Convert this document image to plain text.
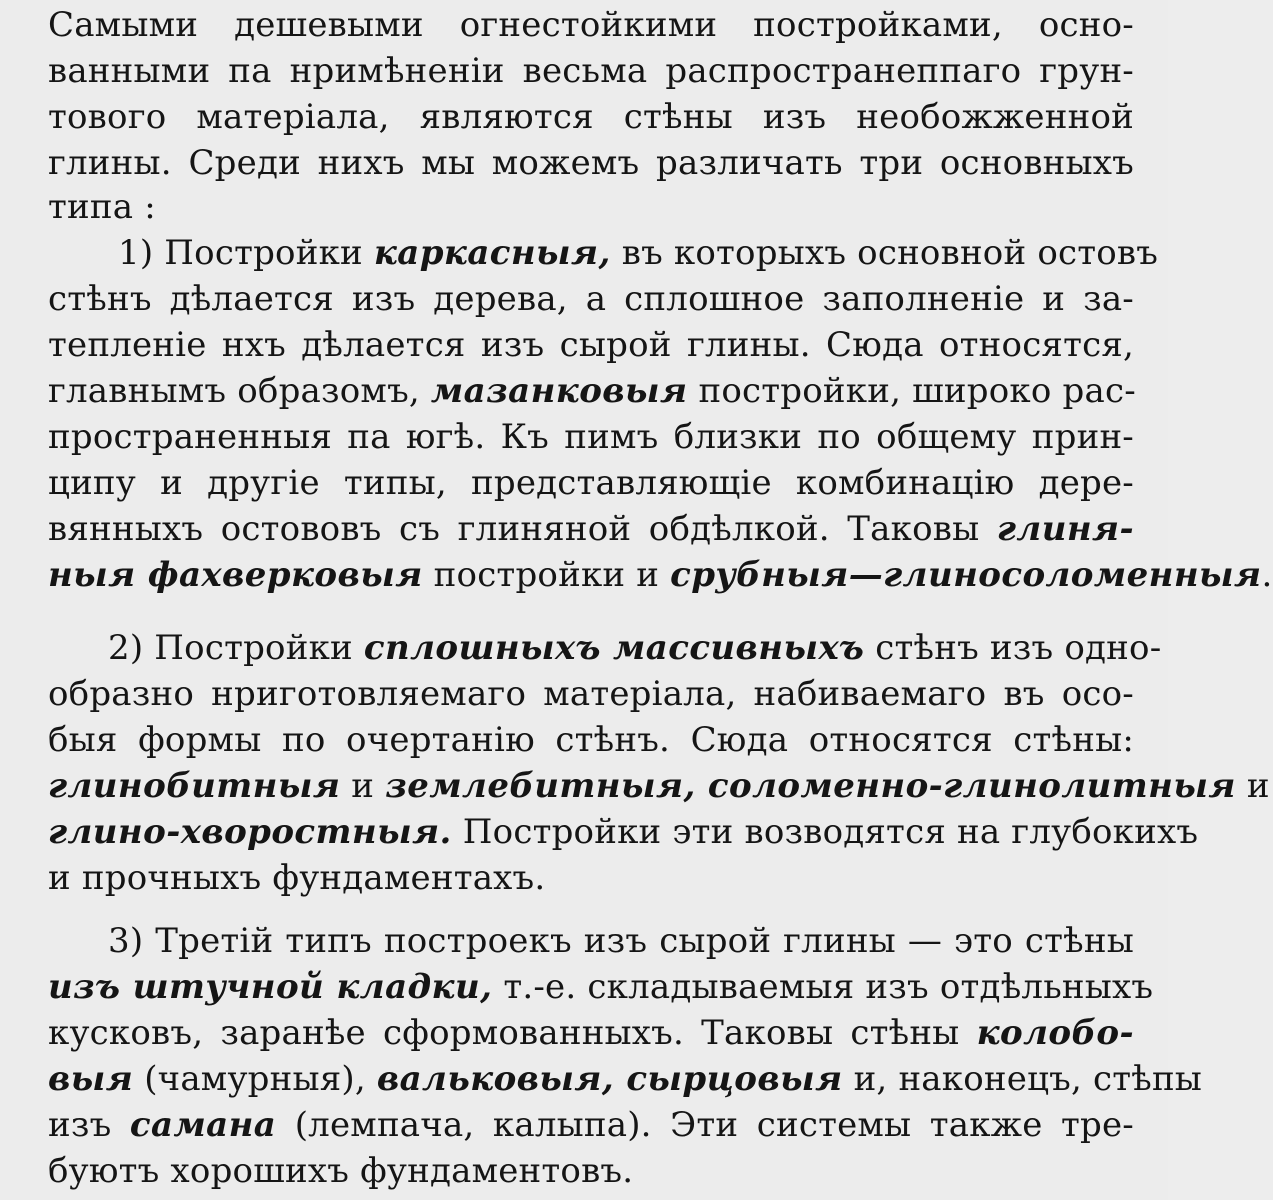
Самыми дешевыми огнестойкими постройками, осно-
ванными па нримѣненіи весьма распространеппаго грун-
тового матеріала, являются стѣны изъ необожженной
глины. Среди нихъ мы можемъ различать три основныхъ
типа :
1) Постройки каркасныя, въ которыхъ основной остовъ
стѣнъ дѣлается изъ дерева, а сплошное заполненіе и за-
тепленіе нхъ дѣлается изъ сырой глины. Сюда относятся,
главнымъ образомъ, мазанковыя постройки, широко рас-
пространенныя па югѣ. Къ пимъ близки по общему прин-
ципу и другіе типы, представляющіе комбинацію дере-
вянныхъ остововъ съ глиняной обдѣлкой. Таковы глиня-
ныя фахверковыя постройки и срубныя—глиносоломенныя.
2) Постройки сплошныхъ массивныхъ стѣнъ изъ одно-
образно нриготовляемаго матеріала, набиваемаго въ осо-
быя формы по очертанію стѣнъ. Сюда относятся стѣны:
глинобитныя и землебитныя, соломенно-глинолитныя и
глино-хворостныя. Постройки эти возводятся на глубокихъ
и прочныхъ фундаментахъ.
3) Третій типъ построекъ изъ сырой глины — это стѣны
изъ штучной кладки, т.-е. складываемыя изъ отдѣльныхъ
кусковъ, заранѣе сформованныхъ. Таковы стѣны колобо-
выя (чамурныя), вальковыя, сырцовыя и, наконецъ, стѣпы
изъ самана (лемпача, калыпа). Эти системы также тре-
буютъ хорошихъ фундаментовъ.
